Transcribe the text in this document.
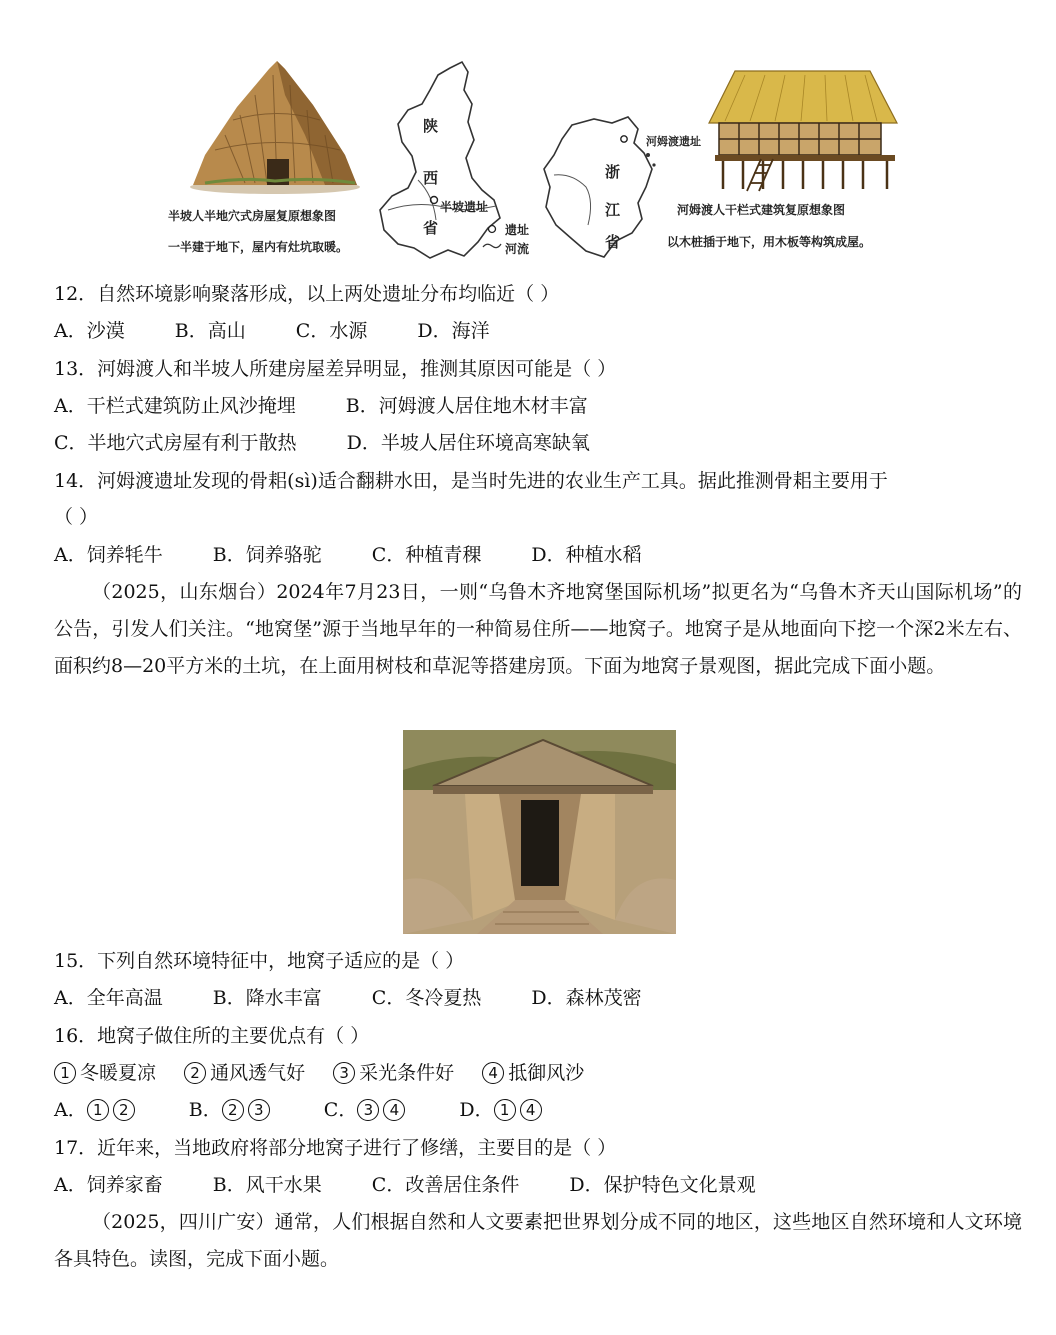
半坡人半地穴式房屋复原想象图
一半建于地下，屋内有灶坑取暖。
陕
西
省
半坡遗址
遗址
河流
浙
江
省
河姆渡遗址
河姆渡人干栏式建筑复原想象图
以木桩插于地下，用木板等构筑成屋。
12．自然环境影响聚落形成，以上两处遗址分布均临近（ ）
A．沙漠	B．高山	C．水源	D．海洋
13．河姆渡人和半坡人所建房屋差异明显，推测其原因可能是（ ）
A．干栏式建筑防止风沙掩埋	B．河姆渡人居住地木材丰富
C．半地穴式房屋有利于散热	D．半坡人居住环境高寒缺氧
14．河姆渡遗址发现的骨耜(sì)适合翻耕水田，是当时先进的农业生产工具。据此推测骨耜主要用于
（ ）
A．饲养牦牛	B．饲养骆驼	C．种植青稞	D．种植水稻
（2025，山东烟台）2024年7月23日，一则“乌鲁木齐地窝堡国际机场”拟更名为“乌鲁木齐天山国际机场”的公告，引发人们关注。“地窝堡”源于当地早年的一种简易住所——地窝子。地窝子是从地面向下挖一个深2米左右、面积约8—20平方米的土坑，在上面用树枝和草泥等搭建房顶。下面为地窝子景观图，据此完成下面小题。
15．下列自然环境特征中，地窝子适应的是（ ）
A．全年高温	B．降水丰富	C．冬冷夏热	D．森林茂密
16．地窝子做住所的主要优点有（ ）
1 冬暖夏凉 2 通风透气好 3 采光条件好 4 抵御风沙
A． 1 2	B． 2 3	C． 3 4	D． 1 4
17．近年来，当地政府将部分地窝子进行了修缮，主要目的是（ ）
A．饲养家畜	B．风干水果	C．改善居住条件	D．保护特色文化景观
（2025，四川广安）通常，人们根据自然和人文要素把世界划分成不同的地区，这些地区自然环境和人文环境各具特色。读图，完成下面小题。
